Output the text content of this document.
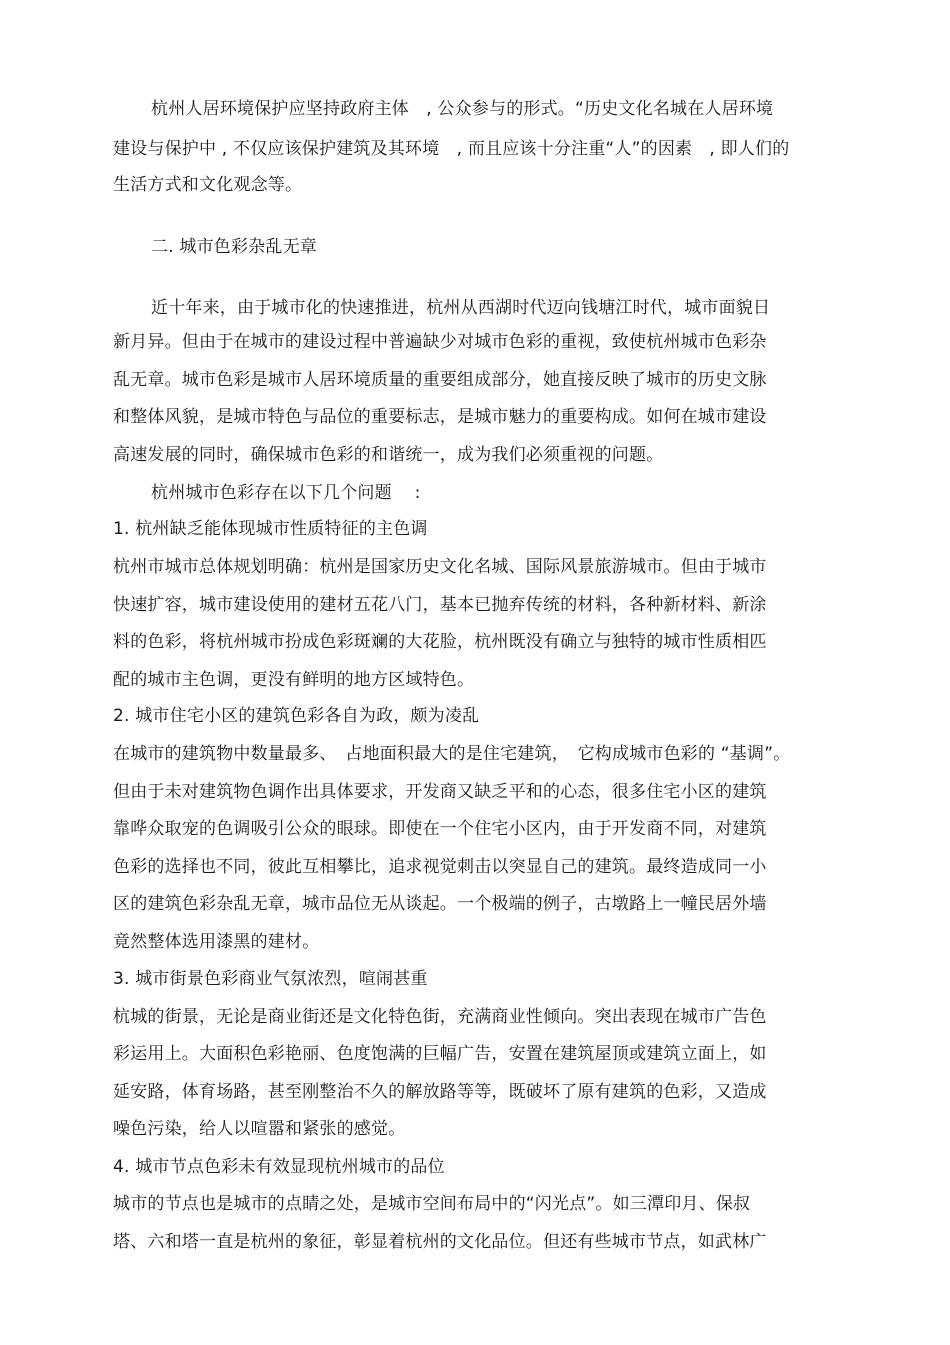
杭州人居环境保护应坚持政府主体　, 公众参与的形式。“历史文化名城在人居环境
建设与保护中 , 不仅应该保护建筑及其环境　, 而且应该十分注重“人”的因素　, 即人们的
生活方式和文化观念等。
二. 城市色彩杂乱无章
近十年来，由于城市化的快速推进，杭州从西湖时代迈向钱塘江时代，城市面貌日
新月异。但由于在城市的建设过程中普遍缺少对城市色彩的重视，致使杭州城市色彩杂
乱无章。城市色彩是城市人居环境质量的重要组成部分，她直接反映了城市的历史文脉
和整体风貌，是城市特色与品位的重要标志，是城市魅力的重要构成。如何在城市建设
高速发展的同时，确保城市色彩的和谐统一，成为我们必须重视的问题。
杭州城市色彩存在以下几个问题　 :
1. 杭州缺乏能体现城市性质特征的主色调
杭州市城市总体规划明确：杭州是国家历史文化名城、国际风景旅游城市。但由于城市
快速扩容，城市建设使用的建材五花八门，基本已抛弃传统的材料，各种新材料、新涂
料的色彩，将杭州城市扮成色彩斑斓的大花脸，杭州既没有确立与独特的城市性质相匹
配的城市主色调，更没有鲜明的地方区域特色。
2. 城市住宅小区的建筑色彩各自为政，颇为凌乱
在城市的建筑物中数量最多、　占地面积最大的是住宅建筑，　它构成城市色彩的 “基调”。
但由于未对建筑物色调作出具体要求，开发商又缺乏平和的心态，很多住宅小区的建筑
靠哗众取宠的色调吸引公众的眼球。即使在一个住宅小区内，由于开发商不同，对建筑
色彩的选择也不同，彼此互相攀比，追求视觉刺击以突显自己的建筑。最终造成同一小
区的建筑色彩杂乱无章，城市品位无从谈起。一个极端的例子，古墩路上一幢民居外墙
竟然整体选用漆黑的建材。
3. 城市街景色彩商业气氛浓烈，喧闹甚重
杭城的街景，无论是商业街还是文化特色街，充满商业性倾向。突出表现在城市广告色
彩运用上。大面积色彩艳丽、色度饱满的巨幅广告，安置在建筑屋顶或建筑立面上，如
延安路，体育场路，甚至刚整治不久的解放路等等，既破坏了原有建筑的色彩，又造成
噪色污染，给人以喧嚣和紧张的感觉。
4. 城市节点色彩未有效显现杭州城市的品位
城市的节点也是城市的点睛之处，是城市空间布局中的“闪光点”。如三潭印月、保叔
塔、六和塔一直是杭州的象征，彰显着杭州的文化品位。但还有些城市节点，如武林广
